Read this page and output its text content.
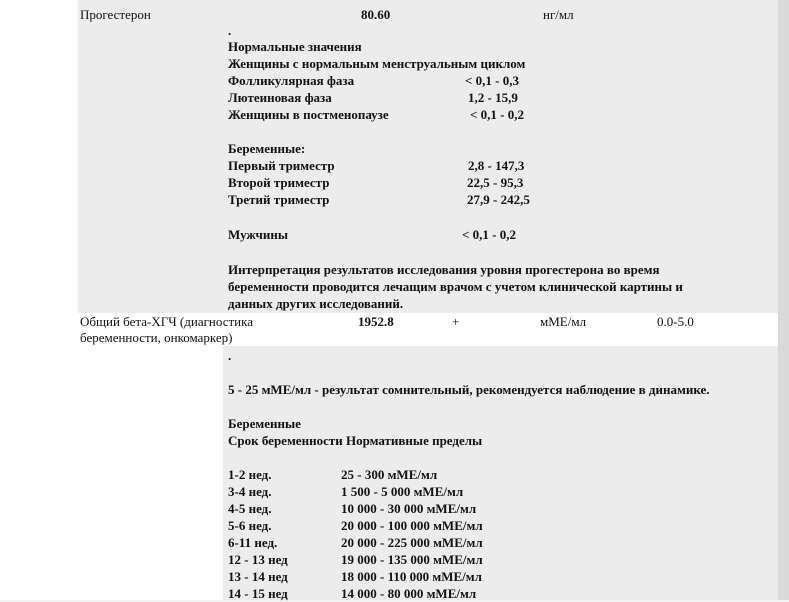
Прогестерон	80.60	нг/мл
.
Нормальные значения
Женщины с нормальным менструальным циклом
Фолликулярная фаза	< 0,1 - 0,3
Лютеиновая фаза	1,2 - 15,9
Женщины в постменопаузе	< 0,1 - 0,2
Беременные:
Первый триместр	2,8 - 147,3
Второй триместр	22,5 - 95,3
Третий триместр	27,9 - 242,5
Мужчины	< 0,1 - 0,2
Интерпретация результатов исследования уровня прогестерона во время
беременности проводится лечащим врачом с учетом клинической картины и
данных других исследований.
Общий бета-ХГЧ (диагностика
беременности, онкомаркер)
1952.8	+	мМЕ/мл	0.0-5.0
.
5 - 25 мМЕ/мл - результат сомнительный, рекомендуется наблюдение в динамике.
Беременные
Срок беременности Нормативные пределы
1-2 нед.	25 - 300 мМЕ/мл
3-4 нед.	1 500 - 5 000 мМЕ/мл
4-5 нед.	10 000 - 30 000 мМЕ/мл
5-6 нед.	20 000 - 100 000 мМЕ/мл
6-11 нед.	20 000 - 225 000 мМЕ/мл
12 - 13 нед	19 000 - 135 000 мМЕ/мл
13 - 14 нед	18 000 - 110 000 мМЕ/мл
14 - 15 нед	14 000 - 80 000 мМЕ/мл
